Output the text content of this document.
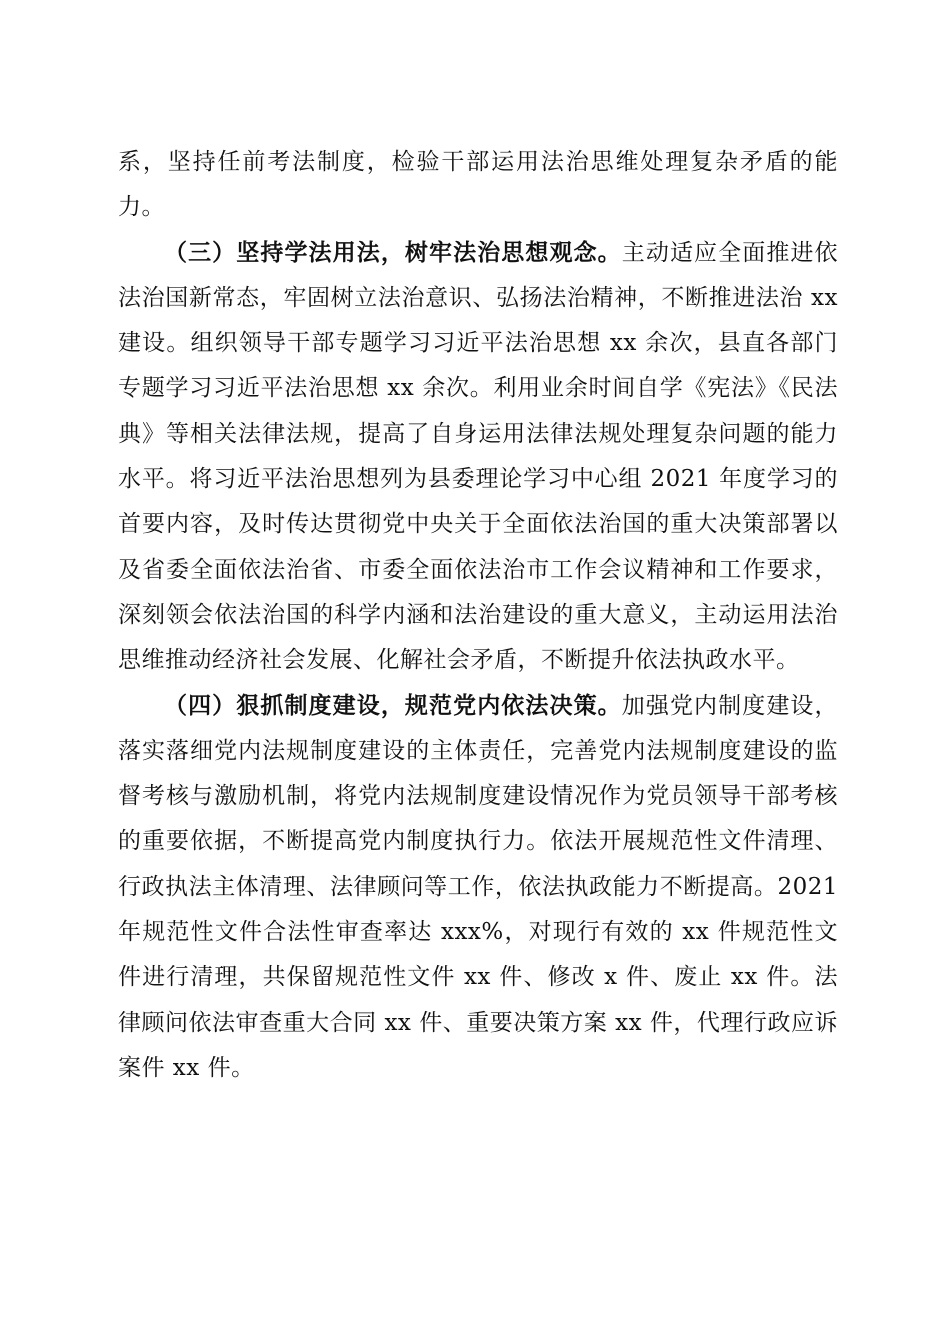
系，坚持任前考法制度，检验干部运用法治思维处理复杂矛盾的能力。

（三）坚持学法用法，树牢法治思想观念。主动适应全面推进依法治国新常态，牢固树立法治意识、弘扬法治精神，不断推进法治 xx 建设。组织领导干部专题学习习近平法治思想 xx 余次，县直各部门专题学习习近平法治思想 xx 余次。利用业余时间自学《宪法》《民法典》等相关法律法规，提高了自身运用法律法规处理复杂问题的能力水平。将习近平法治思想列为县委理论学习中心组 2021 年度学习的首要内容，及时传达贯彻党中央关于全面依法治国的重大决策部署以及省委全面依法治省、市委全面依法治市工作会议精神和工作要求，深刻领会依法治国的科学内涵和法治建设的重大意义，主动运用法治思维推动经济社会发展、化解社会矛盾，不断提升依法执政水平。

（四）狠抓制度建设，规范党内依法决策。加强党内制度建设，落实落细党内法规制度建设的主体责任，完善党内法规制度建设的监督考核与激励机制，将党内法规制度建设情况作为党员领导干部考核的重要依据，不断提高党内制度执行力。依法开展规范性文件清理、行政执法主体清理、法律顾问等工作，依法执政能力不断提高。2021 年规范性文件合法性审查率达 xxx%，对现行有效的 xx 件规范性文件进行清理，共保留规范性文件 xx 件、修改 x 件、废止 xx 件。法律顾问依法审查重大合同 xx 件、重要决策方案 xx 件，代理行政应诉案件 xx 件。
